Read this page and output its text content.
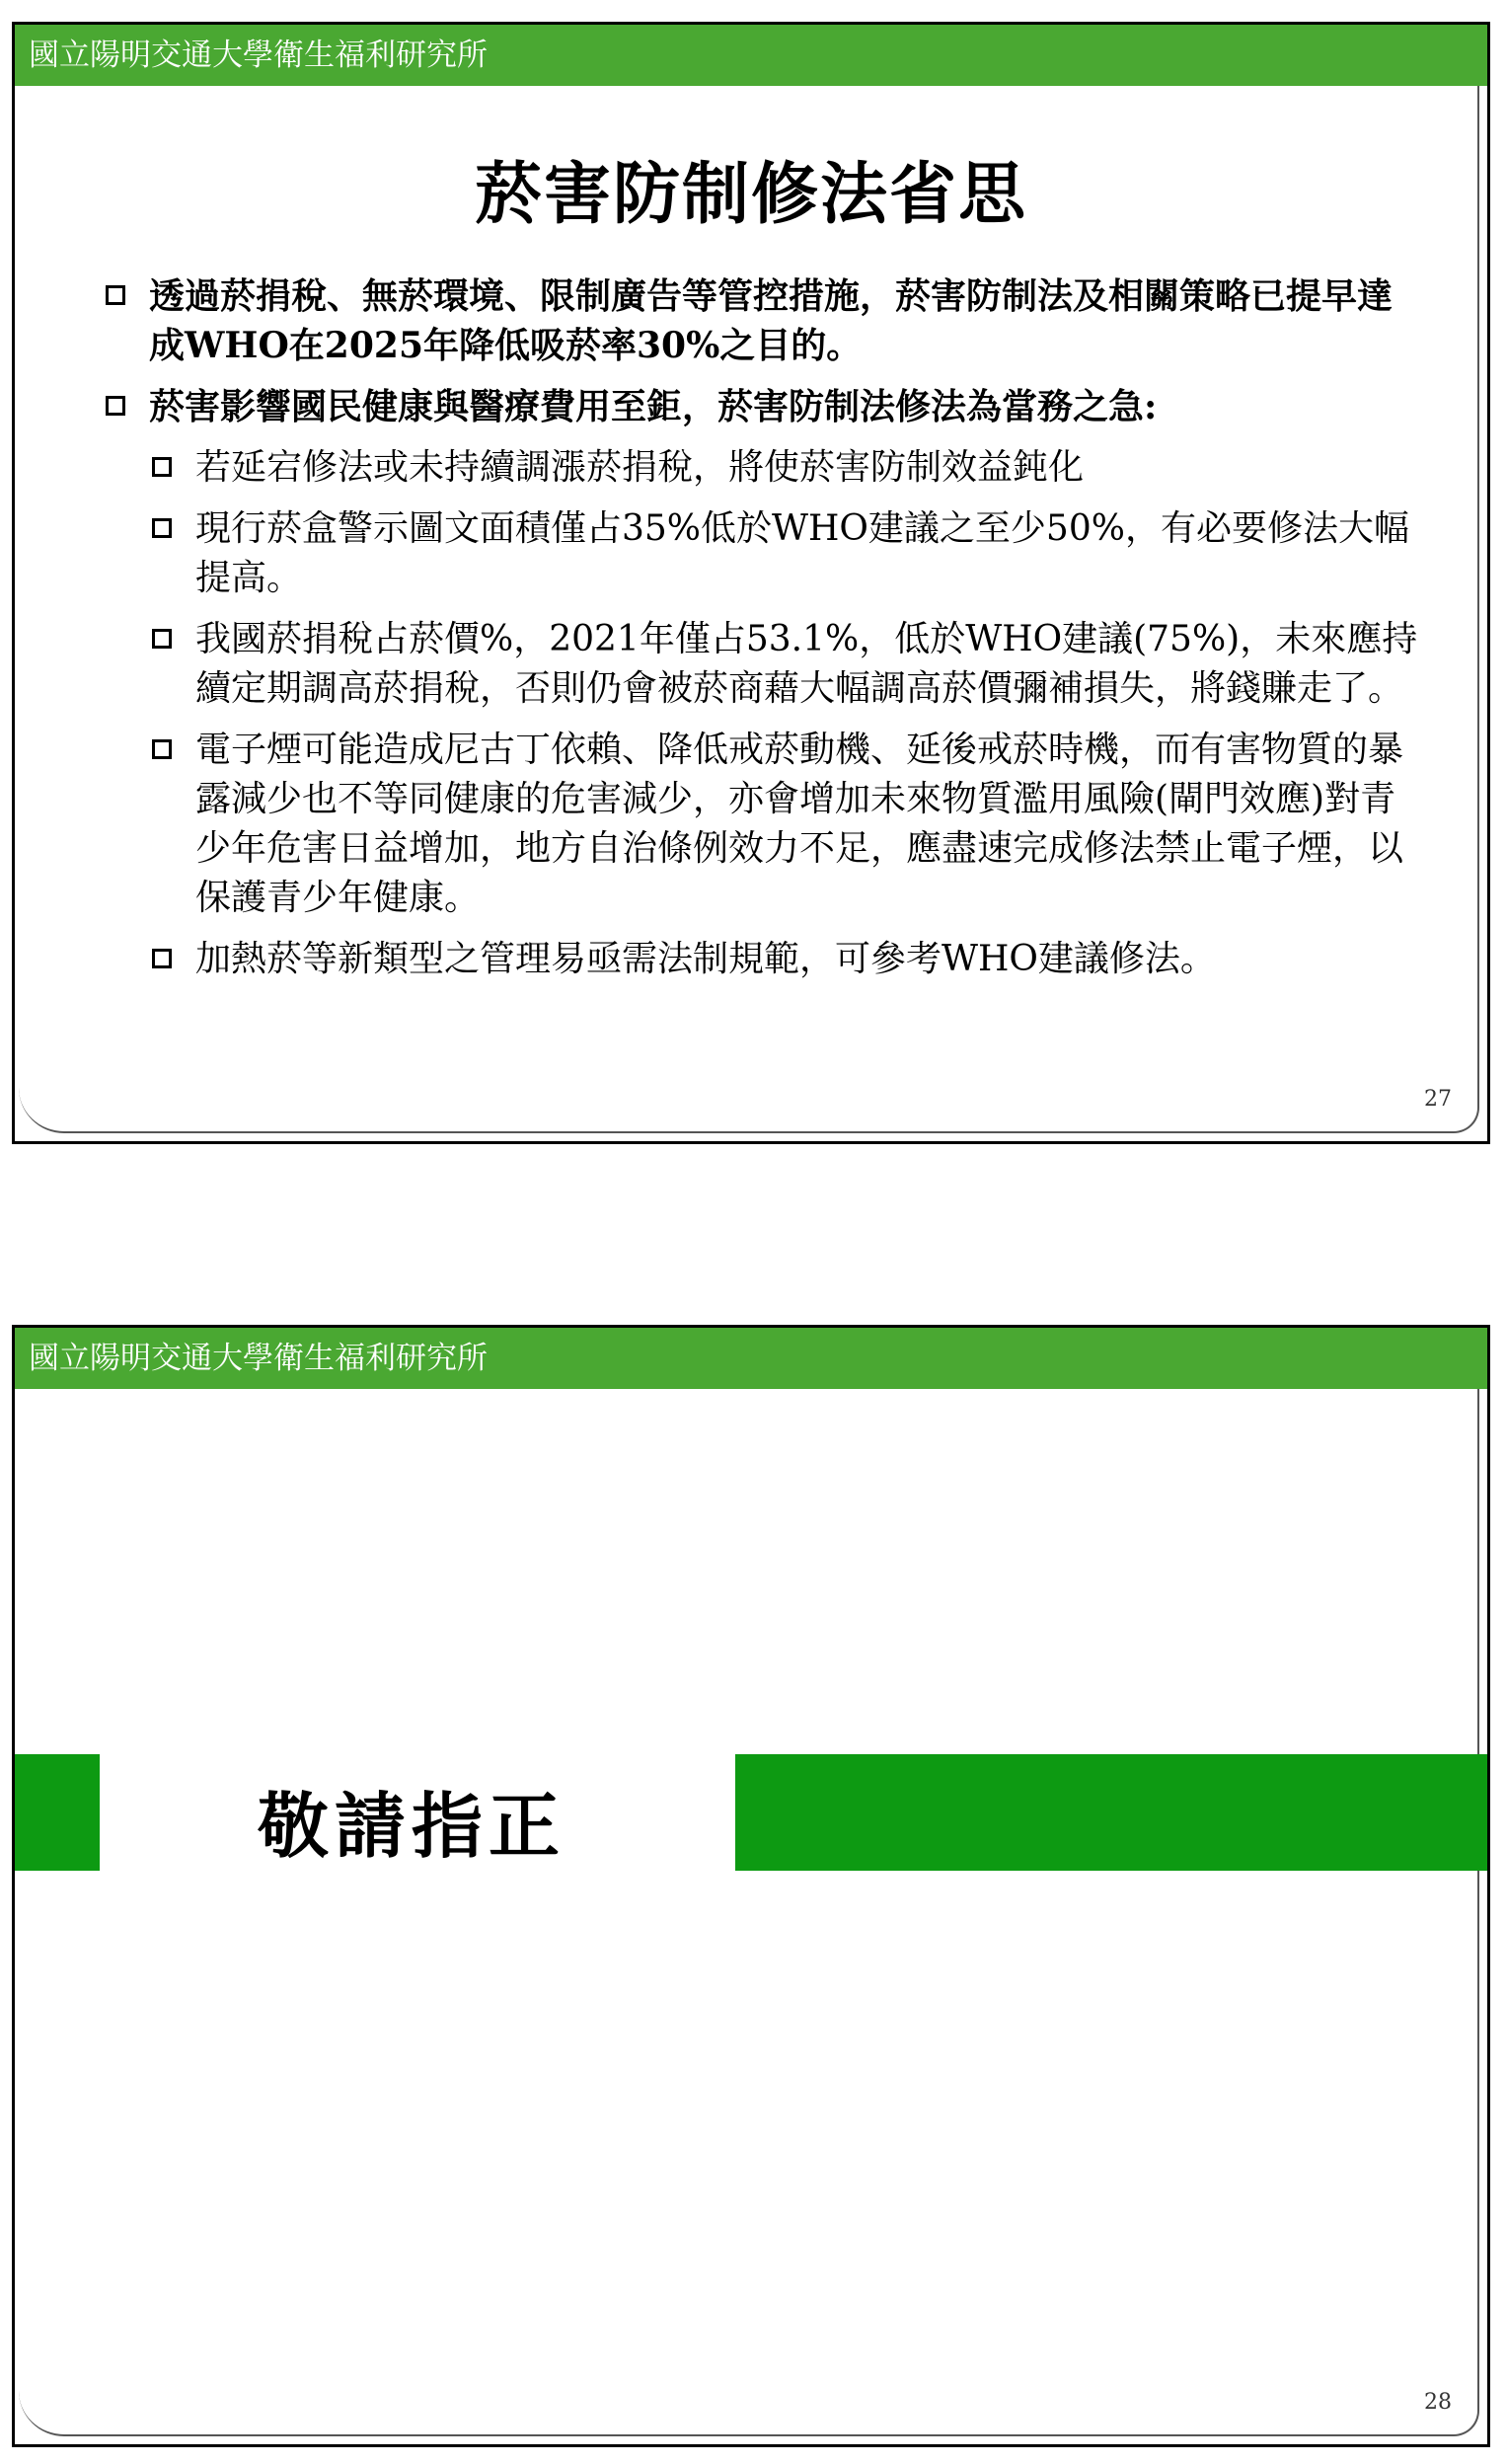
國立陽明交通大學衛生福利研究所
菸害防制修法省思
透過菸捐稅、無菸環境、限制廣告等管控措施，菸害防制法及相關策略已提早達成WHO在2025年降低吸菸率30%之目的。
菸害影響國民健康與醫療費用至鉅，菸害防制法修法為當務之急:
若延宕修法或未持續調漲菸捐稅，將使菸害防制效益鈍化
現行菸盒警示圖文面積僅占35%低於WHO建議之至少50%，有必要修法大幅提高。
我國菸捐稅占菸價%，2021年僅占53.1%，低於WHO建議(75%)，未來應持續定期調高菸捐稅，否則仍會被菸商藉大幅調高菸價彌補損失，將錢賺走了。
電子煙可能造成尼古丁依賴、降低戒菸動機、延後戒菸時機，而有害物質的暴露減少也不等同健康的危害減少，亦會增加未來物質濫用風險(閘門效應)對青少年危害日益增加，地方自治條例效力不足，應盡速完成修法禁止電子煙，以保護青少年健康。
加熱菸等新類型之管理易亟需法制規範，可參考WHO建議修法。
27
國立陽明交通大學衛生福利研究所
敬請指正
28
